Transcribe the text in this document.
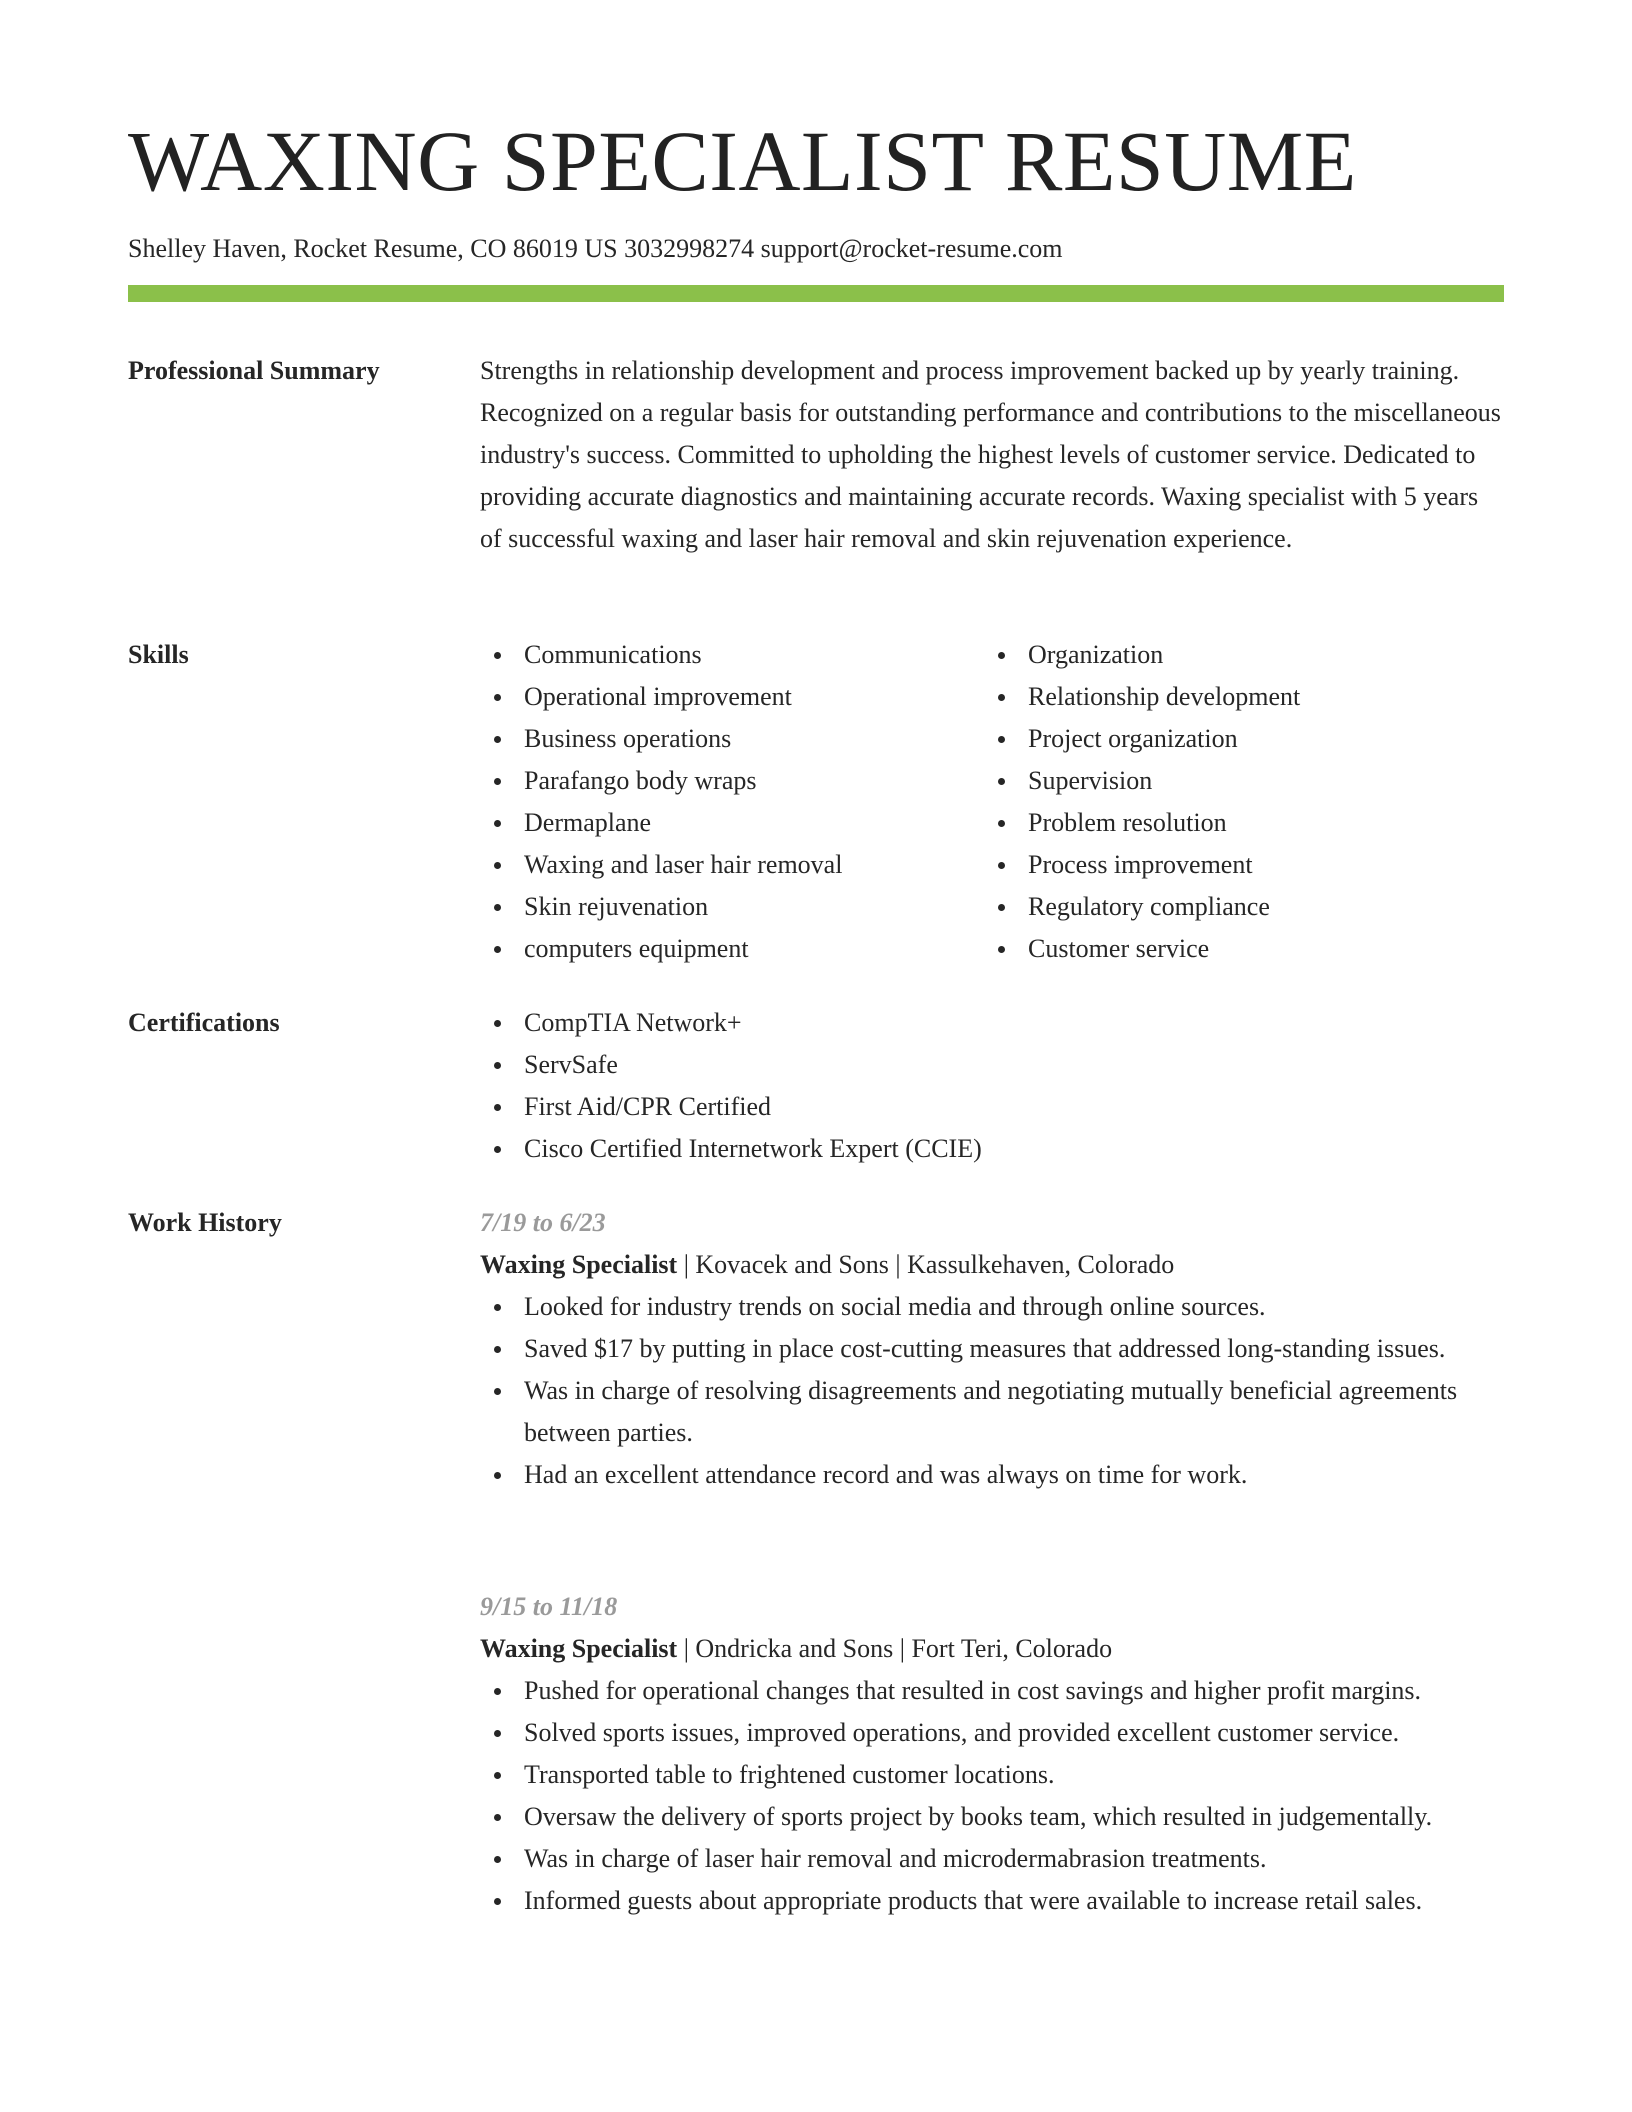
WAXING SPECIALIST RESUME
Shelley Haven, Rocket Resume, CO 86019 US 3032998274 support@rocket-resume.com
Professional Summary	Strengths in relationship development and process improvement backed up by yearly training. Recognized on a regular basis for outstanding performance and contributions to the miscellaneous industry's success. Committed to upholding the highest levels of customer service. Dedicated to providing accurate diagnostics and maintaining accurate records. Waxing specialist with 5 years of successful waxing and laser hair removal and skin rejuvenation experience.

Skills	Communications
Operational improvement
Business operations
Parafango body wraps
Dermaplane
Waxing and laser hair removal
Skin rejuvenation
computers equipment
Organization
Relationship development
Project organization
Supervision
Problem resolution
Process improvement
Regulatory compliance
Customer service
Certifications	CompTIA Network+
ServSafe
First Aid/CPR Certified
Cisco Certified Internetwork Expert (CCIE)
Work History	7/19 to 6/23
Waxing Specialist | Kovacek and Sons | Kassulkehaven, Colorado
Looked for industry trends on social media and through online sources.
Saved $17 by putting in place cost-cutting measures that addressed long-standing issues.
Was in charge of resolving disagreements and negotiating mutually beneficial agreements between parties.
Had an excellent attendance record and was always on time for work.
9/15 to 11/18
Waxing Specialist | Ondricka and Sons | Fort Teri, Colorado
Pushed for operational changes that resulted in cost savings and higher profit margins.
Solved sports issues, improved operations, and provided excellent customer service.
Transported table to frightened customer locations.
Oversaw the delivery of sports project by books team, which resulted in judgementally.
Was in charge of laser hair removal and microdermabrasion treatments.
Informed guests about appropriate products that were available to increase retail sales.
